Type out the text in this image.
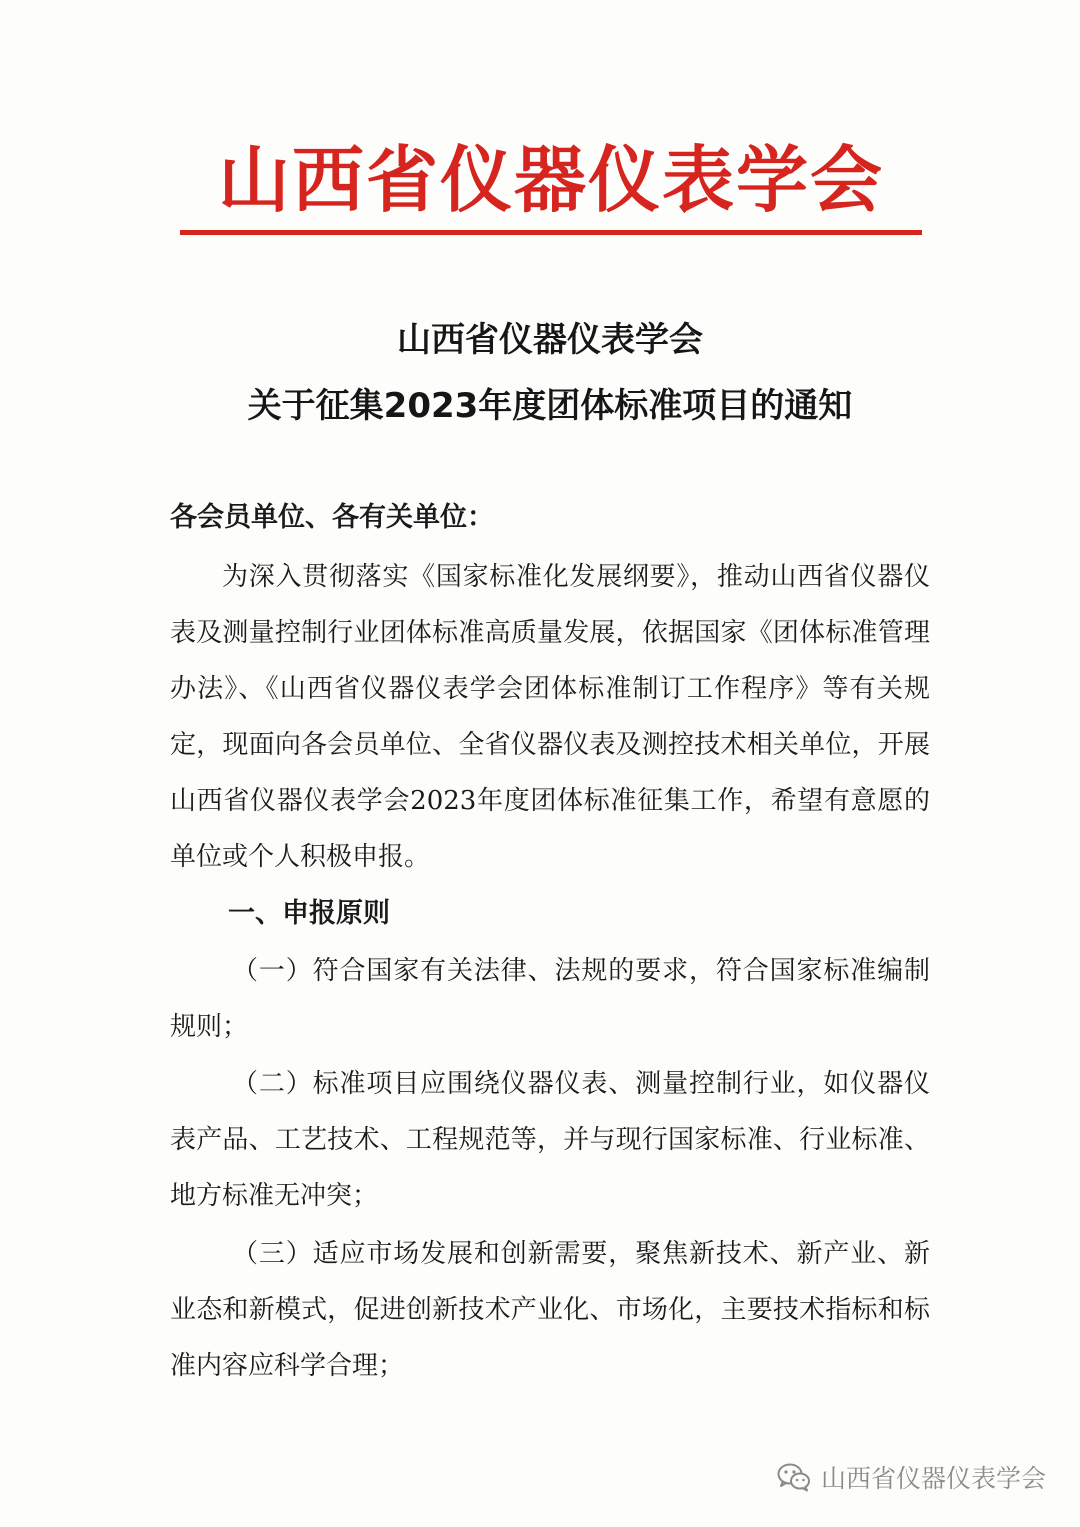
山西省仪器仪表学会
山西省仪器仪表学会
关于征集2023年度团体标准项目的通知

各会员单位、各有关单位：

为深入贯彻落实《国家标准化发展纲要》，推动山西省仪器仪表及测量控制行业团体标准高质量发展，依据国家《团体标准管理办法》、《山西省仪器仪表学会团体标准制订工作程序》等有关规定，现面向各会员单位、全省仪器仪表及测控技术相关单位，开展山西省仪器仪表学会2023年度团体标准征集工作，希望有意愿的单位或个人积极申报。

一、申报原则

（一）符合国家有关法律、法规的要求，符合国家标准编制规则；

（二）标准项目应围绕仪器仪表、测量控制行业，如仪器仪表产品、工艺技术、工程规范等，并与现行国家标准、行业标准、地方标准无冲突；

（三）适应市场发展和创新需要，聚焦新技术、新产业、新业态和新模式，促进创新技术产业化、市场化，主要技术指标和标准内容应科学合理；

山西省仪器仪表学会
